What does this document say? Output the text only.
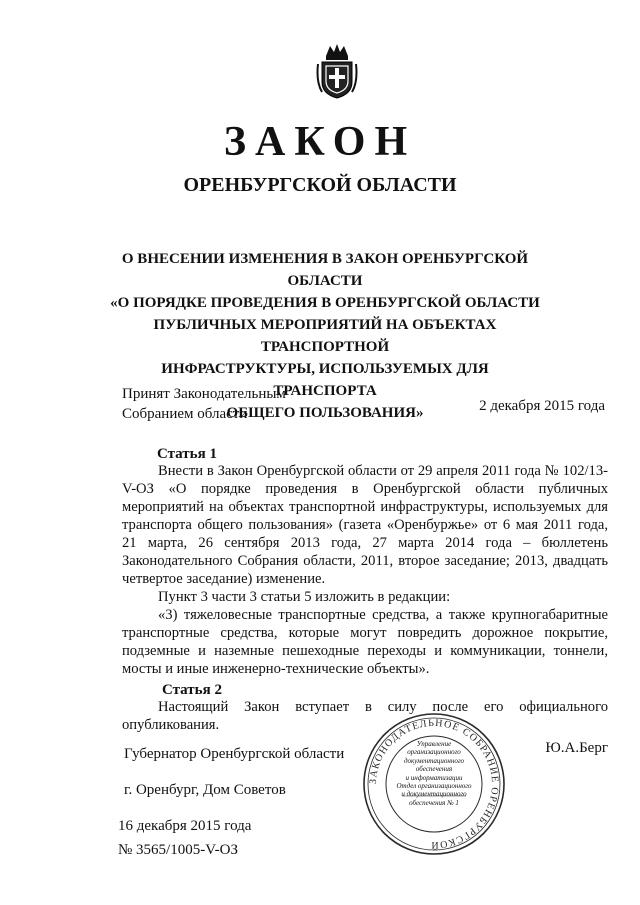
ЗАКОН
ОРЕНБУРГСКОЙ ОБЛАСТИ
О ВНЕСЕНИИ ИЗМЕНЕНИЯ В ЗАКОН ОРЕНБУРГСКОЙ ОБЛАСТИ
«О ПОРЯДКЕ ПРОВЕДЕНИЯ В ОРЕНБУРГСКОЙ ОБЛАСТИ
ПУБЛИЧНЫХ МЕРОПРИЯТИЙ НА ОБЪЕКТАХ ТРАНСПОРТНОЙ
ИНФРАСТРУКТУРЫ, ИСПОЛЬЗУЕМЫХ ДЛЯ ТРАНСПОРТА
ОБЩЕГО ПОЛЬЗОВАНИЯ»
Принят Законодательным
Собранием области	2 декабря 2015 года
Статья 1

Внести в Закон Оренбургской области от 29 апреля 2011 года № 102/13-V-ОЗ «О порядке проведения в Оренбургской области публичных мероприятий на объектах транспортной инфраструктуры, используемых для транспорта общего пользования» (газета «Оренбуржье» от 6 мая 2011 года, 21 марта, 26 сентября 2013 года, 27 марта 2014 года – бюллетень Законодательного Собрания области, 2011, второе заседание; 2013, двадцать четвертое заседание) изменение.

Пункт 3 части 3 статьи 5 изложить в редакции:

«3) тяжеловесные транспортные средства, а также крупногабаритные транспортные средства, которые могут повредить дорожное покрытие, подземные и наземные пешеходные переходы и коммуникации, тоннели, мосты и иные инженерно-технические объекты».

Статья 2

Настоящий Закон вступает в силу после его официального опубликования.

Губернатор Оренбургской области	Ю.А.Берг
г. Оренбург, Дом Советов
16 декабря 2015 года
№ 3565/1005-V-ОЗ
ЗАКОНОДАТЕЛЬНОЕ СОБРАНИЕ ОРЕНБУРГСКОЙ
Управление
организационного
документационного
обеспечения
и информатизации
Отдел организационного
и документационного
обеспечения № 1
